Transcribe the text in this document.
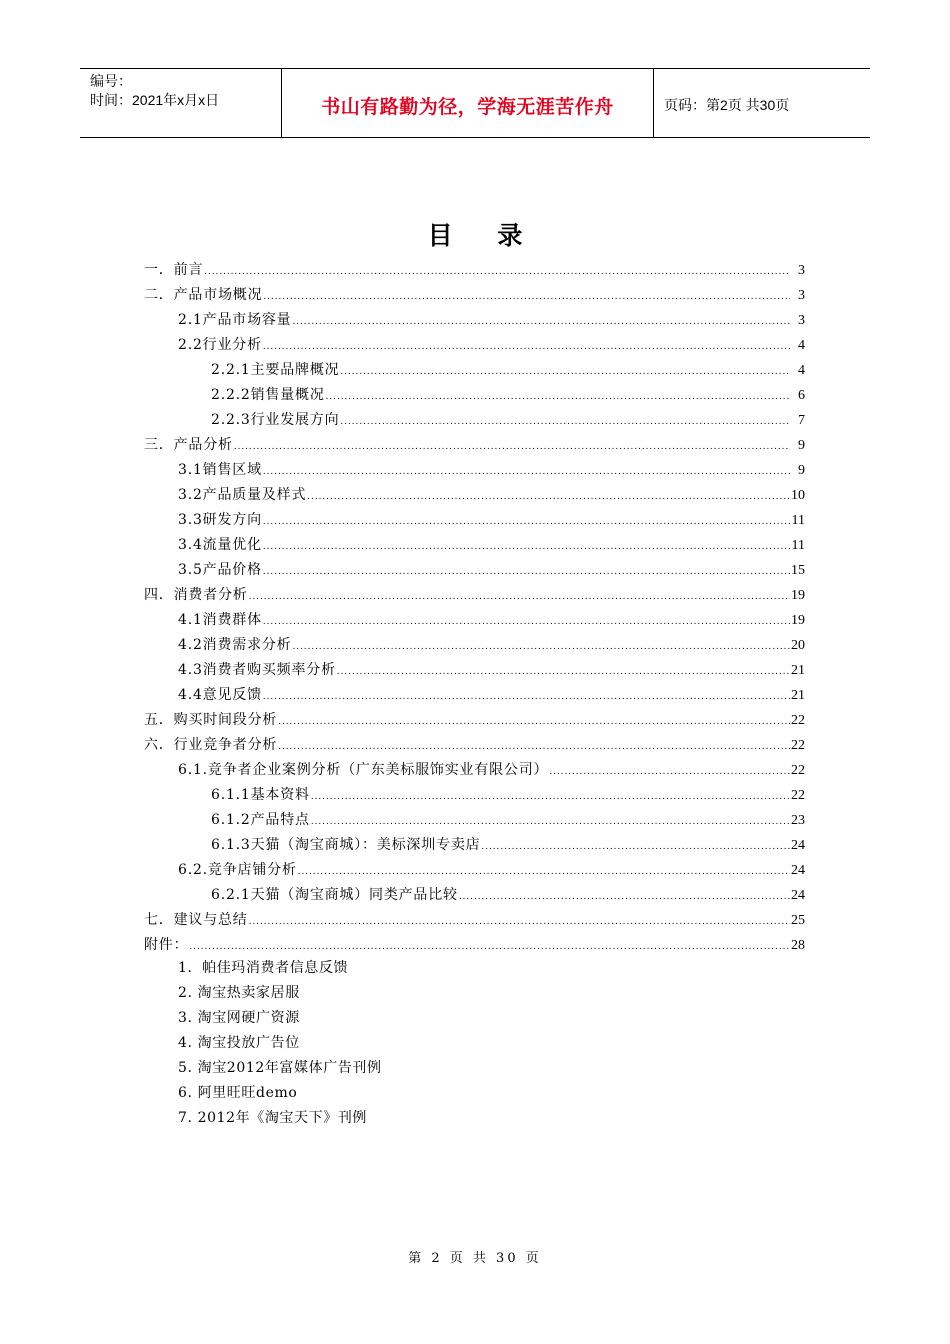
编号：
时间：2021年x月x日	书山有路勤为径，学海无涯苦作舟	页码：第2页 共30页
目 录
一．前言 .....	3
二．产品市场概况 .....	3
2.1产品市场容量 .....	3
2.2行业分析 .....	4
2.2.1主要品牌概况 .....	4
2.2.2销售量概况 .....	6
2.2.3行业发展方向 .....	7
三．产品分析 .....	9
3.1销售区域 .....	9
3.2产品质量及样式 .....	10
3.3研发方向 .....	11
3.4流量优化 .....	11
3.5产品价格 .....	15
四．消费者分析 .....	19
4.1消费群体 .....	19
4.2消费需求分析 .....	20
4.3消费者购买频率分析 .....	21
4.4意见反馈 .....	21
五．购买时间段分析 .....	22
六．行业竞争者分析 .....	22
6.1.竞争者企业案例分析（广东美标服饰实业有限公司） .....	22
6.1.1基本资料 .....	22
6.1.2产品特点 .....	23
6.1.3天猫（淘宝商城）：美标深圳专卖店 .....	24
6.2.竞争店铺分析 .....	24
6.2.1天猫（淘宝商城）同类产品比较 .....	24
七．建议与总结 .....	25
附件： .....	28
1．帕佳玛消费者信息反馈
2. 淘宝热卖家居服
3. 淘宝网硬广资源
4. 淘宝投放广告位
5. 淘宝2012年富媒体广告刊例
6. 阿里旺旺demo
7. 2012年《淘宝天下》刊例
第 2 页 共 30 页
